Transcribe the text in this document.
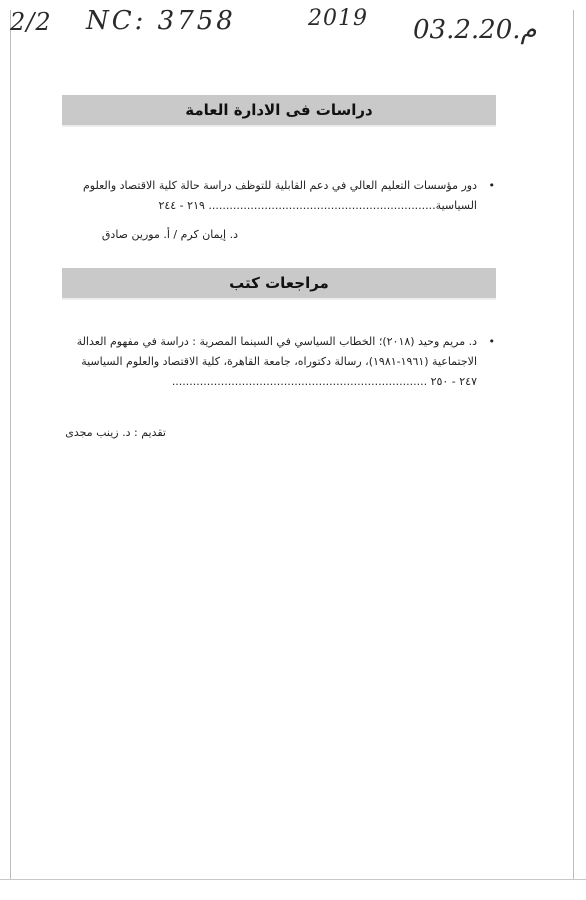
2/2 NC: 3758	2019 03.2.20.م
دراسات فى الادارة العامة
•
دور مؤسسات التعليم العالي في دعم القابلية للتوظف دراسة حالة كلية الاقتصاد والعلوم
السياسية................................................................. ٢١٩ - ٢٤٤
د. إيمان كرم / أ. مورين صادق
مراجعات كتب
•
د. مريم وحيد (٢٠١٨)؛ الخطاب السياسي في السينما المصرية : دراسة في مفهوم العدالة
الاجتماعية (١٩٦١-١٩٨١)، رسالة دكتوراه، جامعة القاهرة، كلية الاقتصاد والعلوم السياسية
٢٤٧ - ٢٥٠ .........................................................................
تقديم : د. زينب مجدى
